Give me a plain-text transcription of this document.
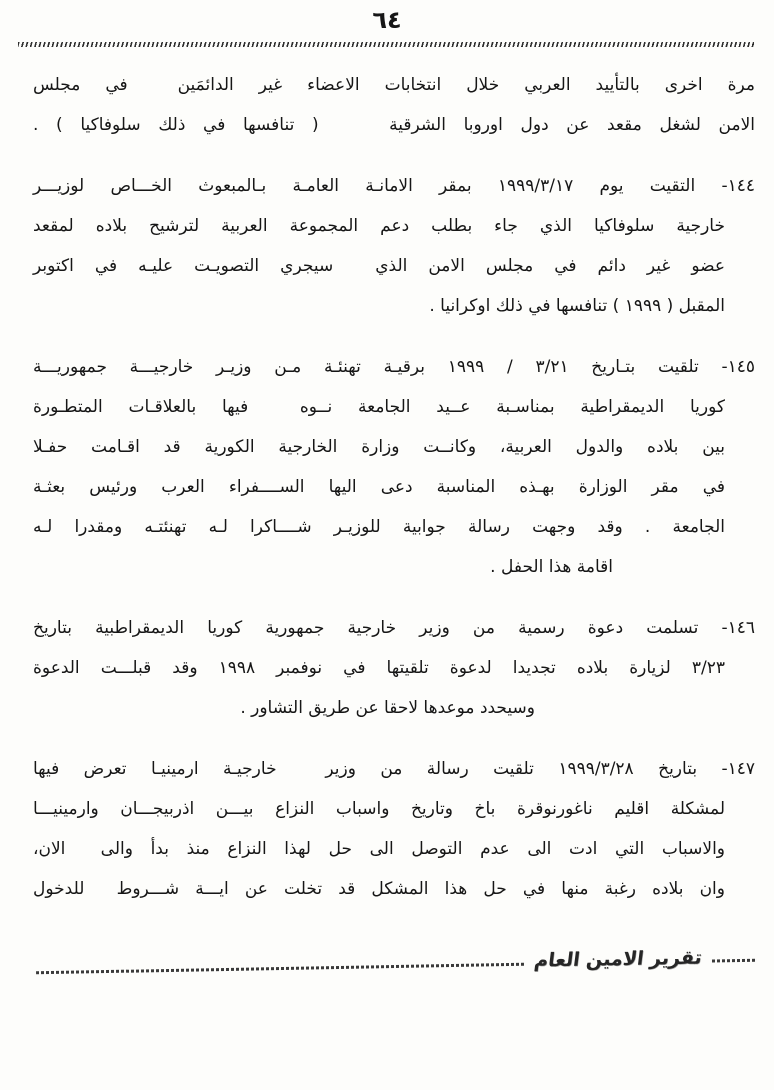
٦٤
مرة اخرى بالتأييد العربي خلال انتخابات الاعضاء غير الدائمَين  في مجلس
الامن لشغل مقعد عن دول اوروبا الشرقية    ( تنافسها في ذلك سلوفاكيا ) .
١٤٤- التقيت يوم ١٩٩٩/٣/١٧ بمقر الامانـة العامـة بـالمبعوث الخـــاص لوزيـــر
خارجية سلوفاكيا الذي جاء بطلب دعم المجموعة العربية لترشيح بلاده لمقعد
عضو غير دائم في مجلس الامن الذي  سيجري التصويـت عليـه في اكتوبر
المقبل ( ١٩٩٩ ) تنافسها في ذلك اوكرانيا .
١٤٥- تلقيت بتـاريخ ٣/٢١ / ١٩٩٩ برقيـة تهنئـة مـن وزيـر خارجيـــة جمهوريـــة
كوريا الديمقراطية بمناسـبة عــيد الجامعة نــوه  فيها بالعلاقـات المتطـورة
بين بلاده والدول العربية، وكانــت وزارة الخارجية الكورية قد اقـامت حفـلا
في مقر الوزارة بهـذه المناسبة دعى اليها الســــفراء العرب ورئيس بعثـة
الجامعة . وقد وجهت رسالة جوابية للوزيـر شــــاكرا لـه تهنئتـه ومقدرا لـه
اقامة هذا الحفل .
١٤٦- تسلمت دعوة رسمية من وزير خارجية جمهورية كوريا الديمقراطبية بتاريخ
٣/٢٣ لزيارة بلاده تجديدا لدعوة تلقيتها في نوفمبر ١٩٩٨ وقد قبلـــت الدعوة
وسيحدد موعدها لاحقا عن طريق التشاور .
١٤٧- بتاريخ ١٩٩٩/٣/٢٨ تلقيت رسالة من وزير  خارجيـة ارمينيـا تعرض فيها
لمشكلة اقليم ناغورنوقرة باخ وتاريخ واسباب النزاع بيـــن اذربيجـــان وارمينيـــا
والاسباب التي ادت الى عدم التوصل الى حل لهذا النزاع منذ بدأ والى  الان،
وان بلاده رغبة منها في حل هذا المشكل قد تخلت عن ايـــة شـــروط  للدخول
تقرير الامين العام
